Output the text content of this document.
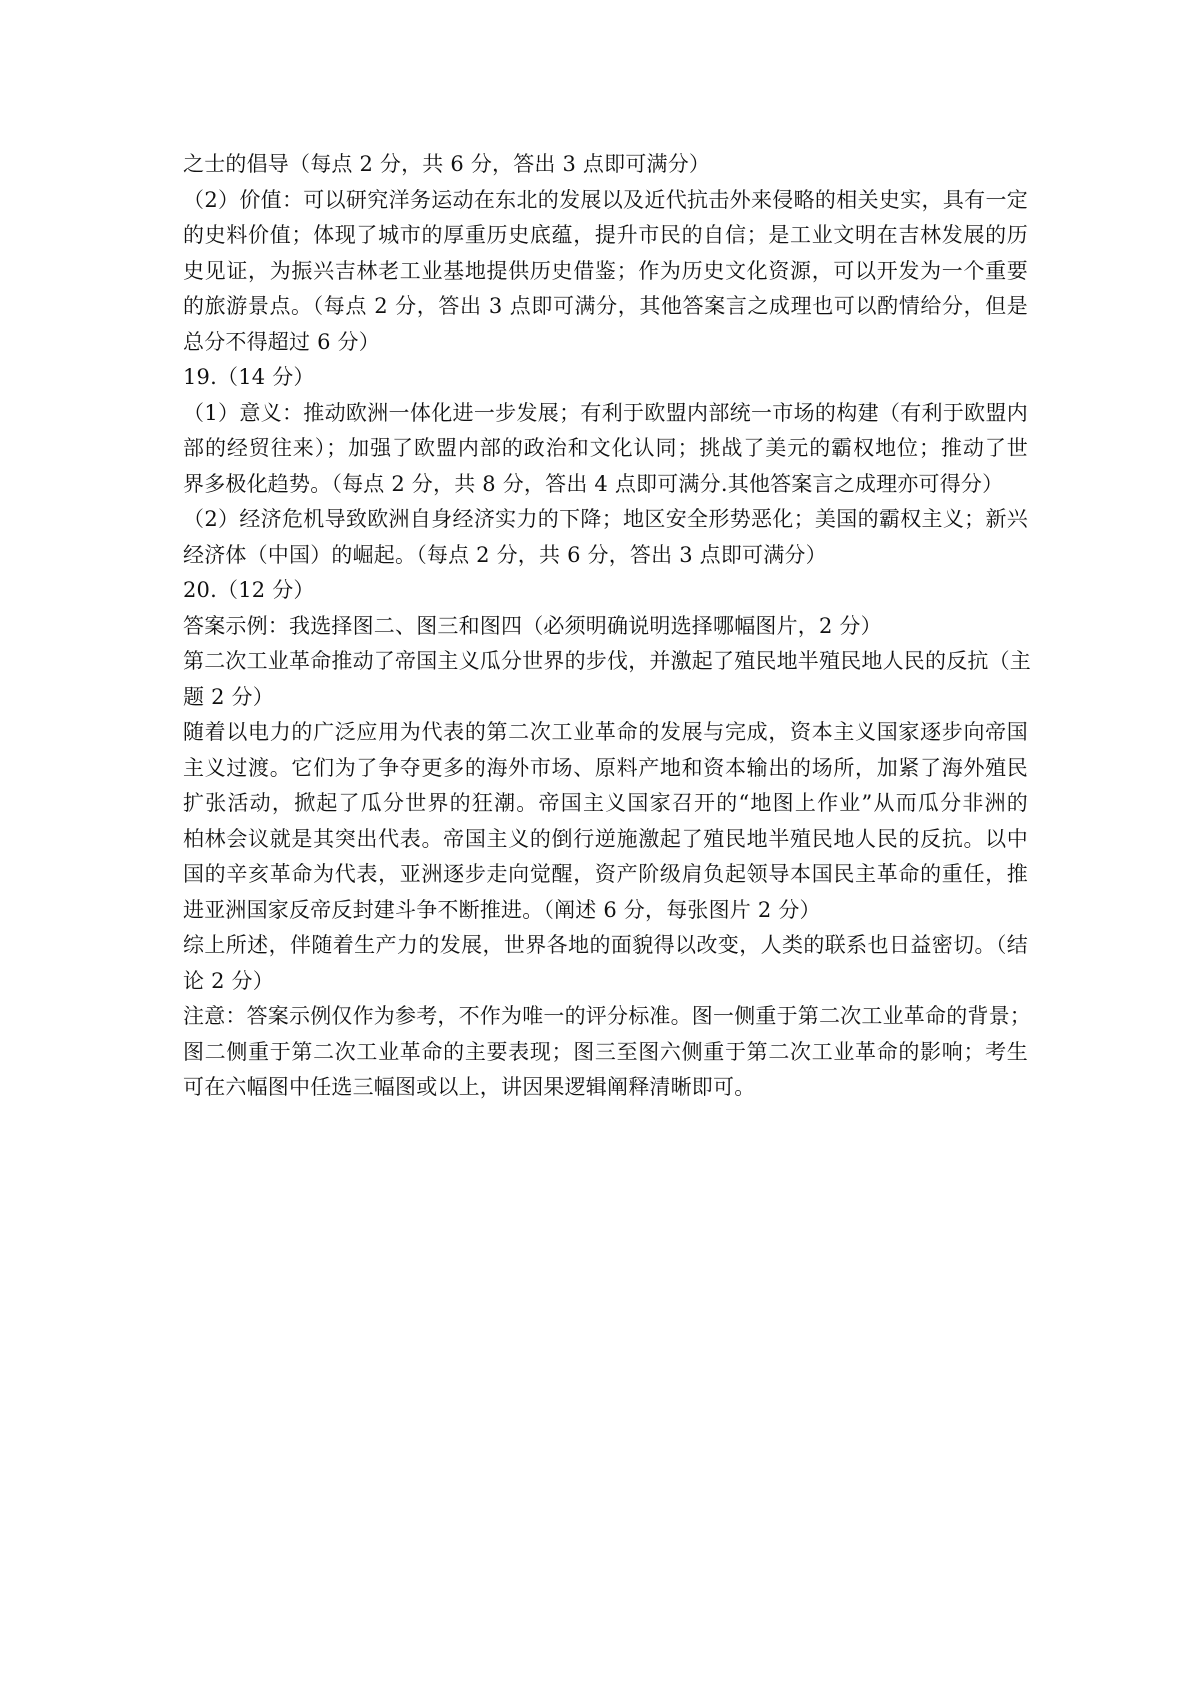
之士的倡导（每点 2 分，共 6 分，答出 3 点即可满分）
（2）价值：可以研究洋务运动在东北的发展以及近代抗击外来侵略的相关史实，具有一定
的史料价值；体现了城市的厚重历史底蕴，提升市民的自信；是工业文明在吉林发展的历
史见证，为振兴吉林老工业基地提供历史借鉴；作为历史文化资源，可以开发为一个重要
的旅游景点。（每点 2 分，答出 3 点即可满分，其他答案言之成理也可以酌情给分，但是
总分不得超过 6 分）
19.（14 分）
（1）意义：推动欧洲一体化进一步发展；有利于欧盟内部统一市场的构建（有利于欧盟内
部的经贸往来）；加强了欧盟内部的政治和文化认同；挑战了美元的霸权地位；推动了世
界多极化趋势。（每点 2 分，共 8 分，答出 4 点即可满分.其他答案言之成理亦可得分）
（2）经济危机导致欧洲自身经济实力的下降；地区安全形势恶化；美国的霸权主义；新兴
经济体（中国）的崛起。（每点 2 分，共 6 分，答出 3 点即可满分）
20.（12 分）
答案示例：我选择图二、图三和图四（必须明确说明选择哪幅图片，2 分）
第二次工业革命推动了帝国主义瓜分世界的步伐，并激起了殖民地半殖民地人民的反抗（主
题 2 分）
随着以电力的广泛应用为代表的第二次工业革命的发展与完成，资本主义国家逐步向帝国
主义过渡。它们为了争夺更多的海外市场、原料产地和资本输出的场所，加紧了海外殖民
扩张活动，掀起了瓜分世界的狂潮。帝国主义国家召开的“地图上作业”从而瓜分非洲的
柏林会议就是其突出代表。帝国主义的倒行逆施激起了殖民地半殖民地人民的反抗。以中
国的辛亥革命为代表，亚洲逐步走向觉醒，资产阶级肩负起领导本国民主革命的重任，推
进亚洲国家反帝反封建斗争不断推进。（阐述 6 分，每张图片 2 分）
综上所述，伴随着生产力的发展，世界各地的面貌得以改变，人类的联系也日益密切。（结
论 2 分）
注意：答案示例仅作为参考，不作为唯一的评分标准。图一侧重于第二次工业革命的背景；
图二侧重于第二次工业革命的主要表现；图三至图六侧重于第二次工业革命的影响；考生
可在六幅图中任选三幅图或以上，讲因果逻辑阐释清晰即可。
